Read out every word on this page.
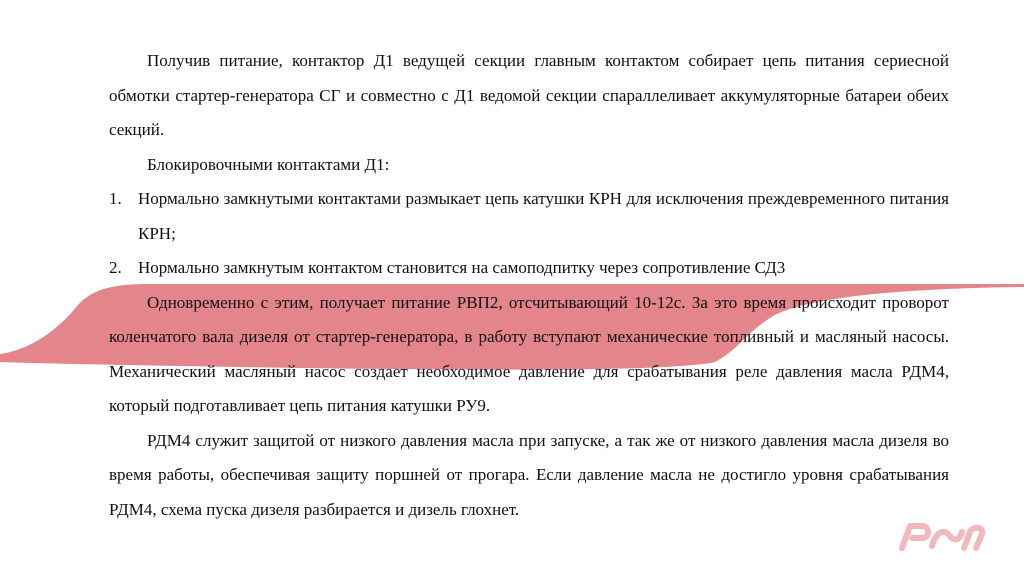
Получив питание, контактор Д1 ведущей секции главным контактом собирает цепь питания сериесной обмотки стартер-генератора СГ и совместно с Д1 ведомой секции спараллеливает аккумуляторные батареи обеих секций.

Блокировочными контактами Д1:

1. Нормально замкнутыми контактами размыкает цепь катушки КРН для исключения преждевременного питания КРН;
2. Нормально замкнутым контактом становится на самоподпитку через сопротивление СД3

Одновременно с этим, получает питание РВП2, отсчитывающий 10-12с. За это время происходит проворот коленчатого вала дизеля от стартер-генератора, в работу вступают механические топливный и масляный насосы. Механический масляный насос создает необходимое давление для срабатывания реле давления масла РДМ4, который подготавливает цепь питания катушки РУ9.

РДМ4 служит защитой от низкого давления масла при запуске, а так же от низкого давления масла дизеля во время работы, обеспечивая защиту поршней от прогара. Если давление масла не достигло уровня срабатывания РДМ4, схема пуска дизеля разбирается и дизель глохнет.
